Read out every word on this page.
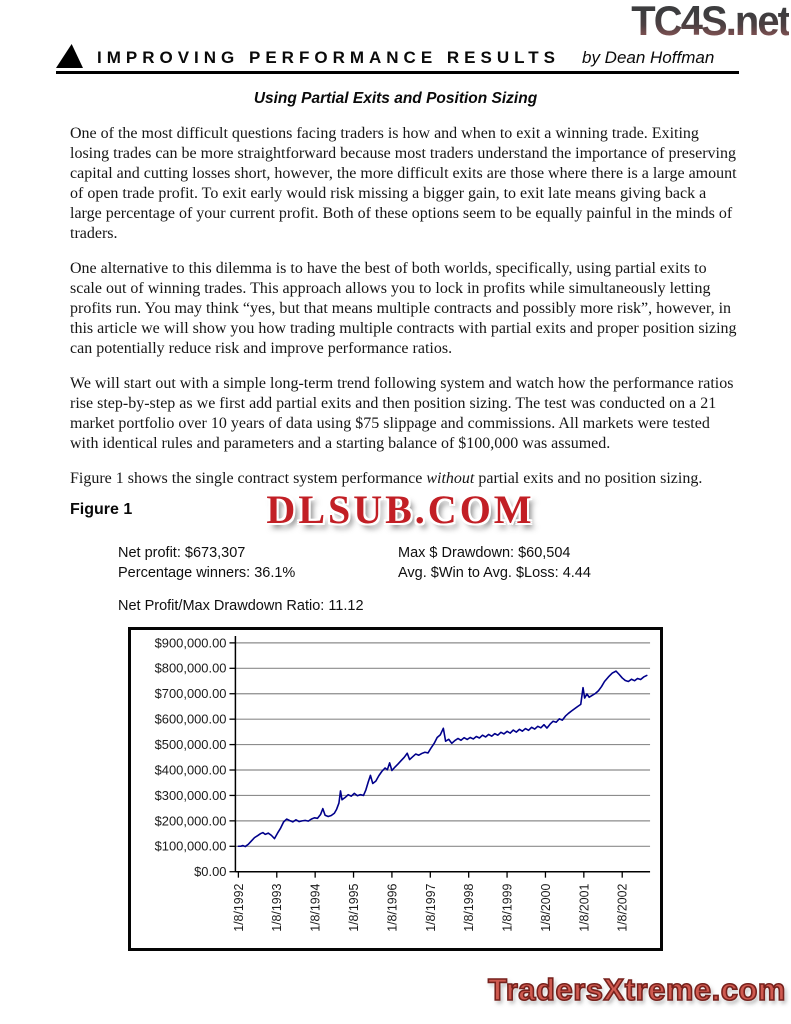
TC4S.net
IMPROVING PERFORMANCE RESULTS by Dean Hoffman
Using Partial Exits and Position Sizing

One of the most difficult questions facing traders is how and when to exit a winning trade. Exiting losing trades can be more straightforward because most traders understand the importance of preserving capital and cutting losses short, however, the more difficult exits are those where there is a large amount of open trade profit. To exit early would risk missing a bigger gain, to exit late means giving back a large percentage of your current profit. Both of these options seem to be equally painful in the minds of traders.

One alternative to this dilemma is to have the best of both worlds, specifically, using partial exits to scale out of winning trades. This approach allows you to lock in profits while simultaneously letting profits run. You may think “yes, but that means multiple contracts and possibly more risk”, however, in this article we will show you how trading multiple contracts with partial exits and proper position sizing can potentially reduce risk and improve performance ratios.

We will start out with a simple long-term trend following system and watch how the performance ratios rise step-by-step as we first add partial exits and then position sizing. The test was conducted on a 21 market portfolio over 10 years of data using $75 slippage and commissions. All markets were tested with identical rules and parameters and a starting balance of $100,000 was assumed.

Figure 1 shows the single contract system performance without partial exits and no position sizing.

Figure 1	DLSUB.COM
Net profit: $673,307
Percentage winners: 36.1%
Max $ Drawdown: $60,504
Avg. $Win to Avg. $Loss: 4.44
Net Profit/Max Drawdown Ratio: 11.12
$0.00
$100,000.00
$200,000.00
$300,000.00
$400,000.00
$500,000.00
$600,000.00
$700,000.00
$800,000.00
$900,000.00
1/8/1992 1/8/1993 1/8/1994 1/8/1995 1/8/1996 1/8/1997 1/8/1998 1/8/1999 1/8/2000 1/8/2001 1/8/2002
TradersXtreme.com
